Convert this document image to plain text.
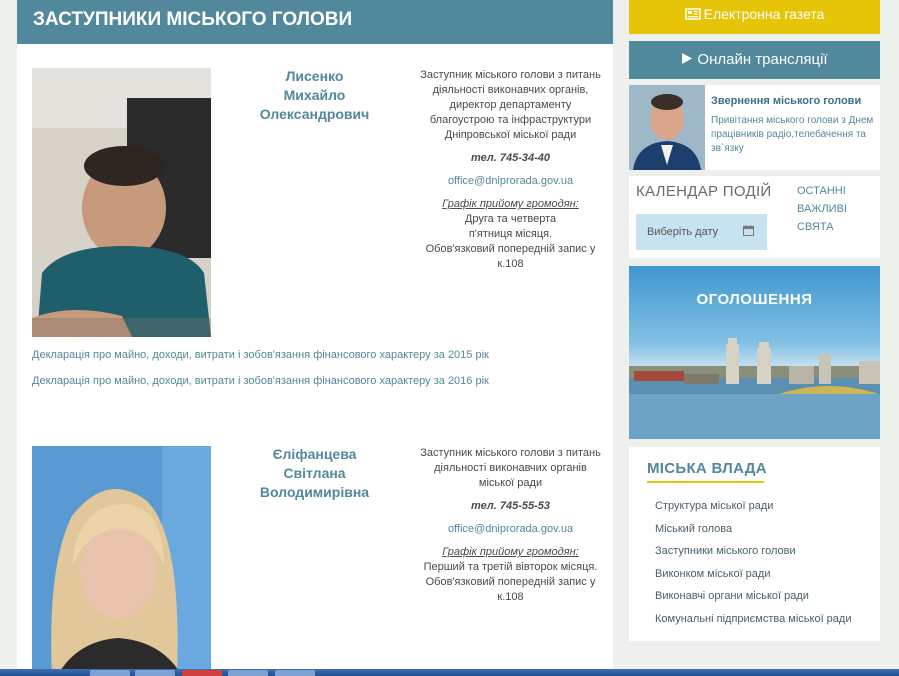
ЗАСТУПНИКИ МІСЬКОГО ГОЛОВИ
Лисенко
Михайло
Олександрович
Заступник міського голови з питань діяльності виконавчих органів, директор департаменту благоустрою та інфраструктури Дніпровської міської ради
тел. 745-34-40
office@dniprorada.gov.ua
Графік прийому громодян:
Друга та четверта
п'ятниця місяця.
Обов'язковий попередній запис у к.108
Декларація про майно, доходи, витрати і зобов'язання фінансового характеру за 2015 рік
Декларація про майно, доходи, витрати і зобов'язання фінансового характеру за 2016 рік
Єліфанцева
Світлана
Володимирівна
Заступник міського голови з питань діяльності виконавчих органів міської ради
тел. 745-55-53
office@dniprorada.gov.ua
Графік прийому громодян:
Перший та третій вівторок місяця.
Обов'язковий попередній запис у к.108
Електронна газета
Онлайн трансляції
Звернення міського голови
Привітання міського голови з Днем працівників радіо,телебачення та зв`язку
КАЛЕНДАР ПОДІЙ
Виберіть дату
ОСТАННІ
ВАЖЛИВІ
СВЯТА
ОГОЛОШЕННЯ
МІСЬКА ВЛАДА
Структура міської ради
Міський голова
Заступники міського голови
Виконком міської ради
Виконавчі органи міської ради
Комунальні підприємства міської ради
